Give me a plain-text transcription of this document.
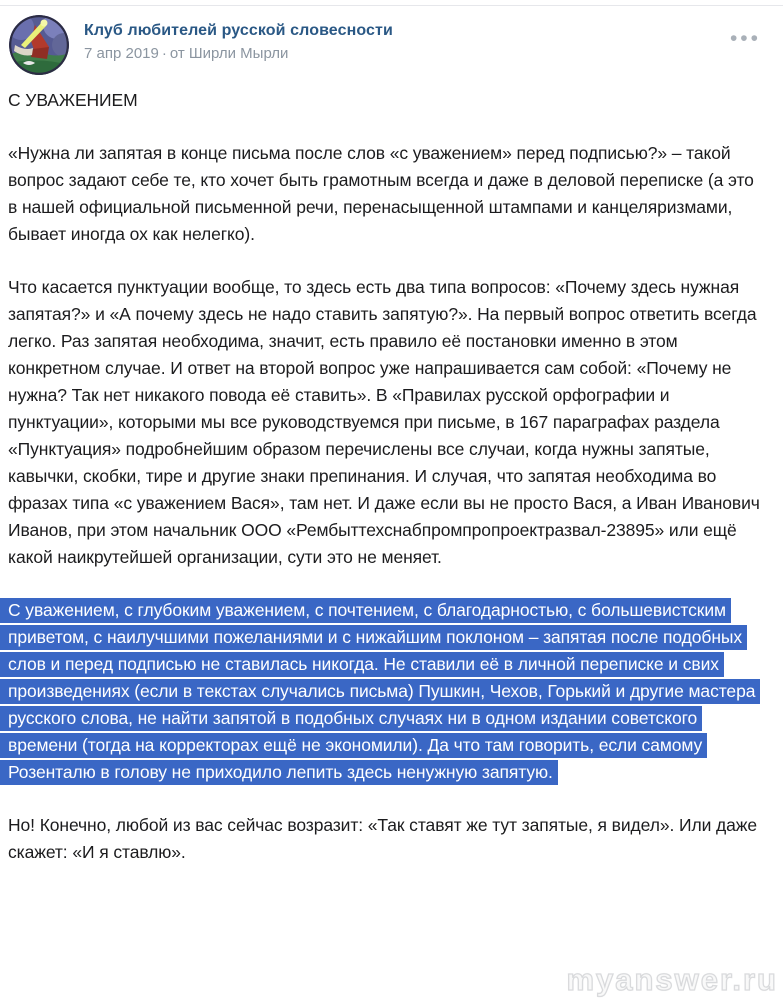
Клуб любителей русской словесности
7 апр 2019 · от Ширли Мырли
•••

С УВАЖЕНИЕМ

«Нужна ли запятая в конце письма после слов «с уважением» перед подписью?» – такой вопрос задают себе те, кто хочет быть грамотным всегда и даже в деловой переписке (а это в нашей официальной письменной речи, перенасыщенной штампами и канцеляризмами, бывает иногда ох как нелегко).

Что касается пунктуации вообще, то здесь есть два типа вопросов: «Почему здесь нужная запятая?» и «А почему здесь не надо ставить запятую?». На первый вопрос ответить всегда легко. Раз запятая необходима, значит, есть правило её постановки именно в этом конкретном случае. И ответ на второй вопрос уже напрашивается сам собой: «Почему не нужна? Так нет никакого повода её ставить». В «Правилах русской орфографии и пунктуации», которыми мы все руководствуемся при письме, в 167 параграфах раздела «Пунктуация» подробнейшим образом перечислены все случаи, когда нужны запятые, кавычки, скобки, тире и другие знаки препинания. И случая, что запятая необходима во фразах типа «с уважением Вася», там нет. И даже если вы не просто Вася, а Иван Иванович Иванов, при этом начальник ООО «Рембыттехснабпромпропроектразвал-23895» или ещё какой наикрутейшей организации, сути это не меняет.

С уважением, с глубоким уважением, с почтением, с благодарностью, с большевистским приветом, с наилучшими пожеланиями и с нижайшим поклоном – запятая после подобных слов и перед подписью не ставилась никогда. Не ставили её в личной переписке и свих произведениях (если в текстах случались письма) Пушкин, Чехов, Горький и другие мастера русского слова, не найти запятой в подобных случаях ни в одном издании советского времени (тогда на корректорах ещё не экономили). Да что там говорить, если самому Розенталю в голову не приходило лепить здесь ненужную запятую.

Но! Конечно, любой из вас сейчас возразит: «Так ставят же тут запятые, я видел». Или даже скажет: «И я ставлю».

myanswer.ru
